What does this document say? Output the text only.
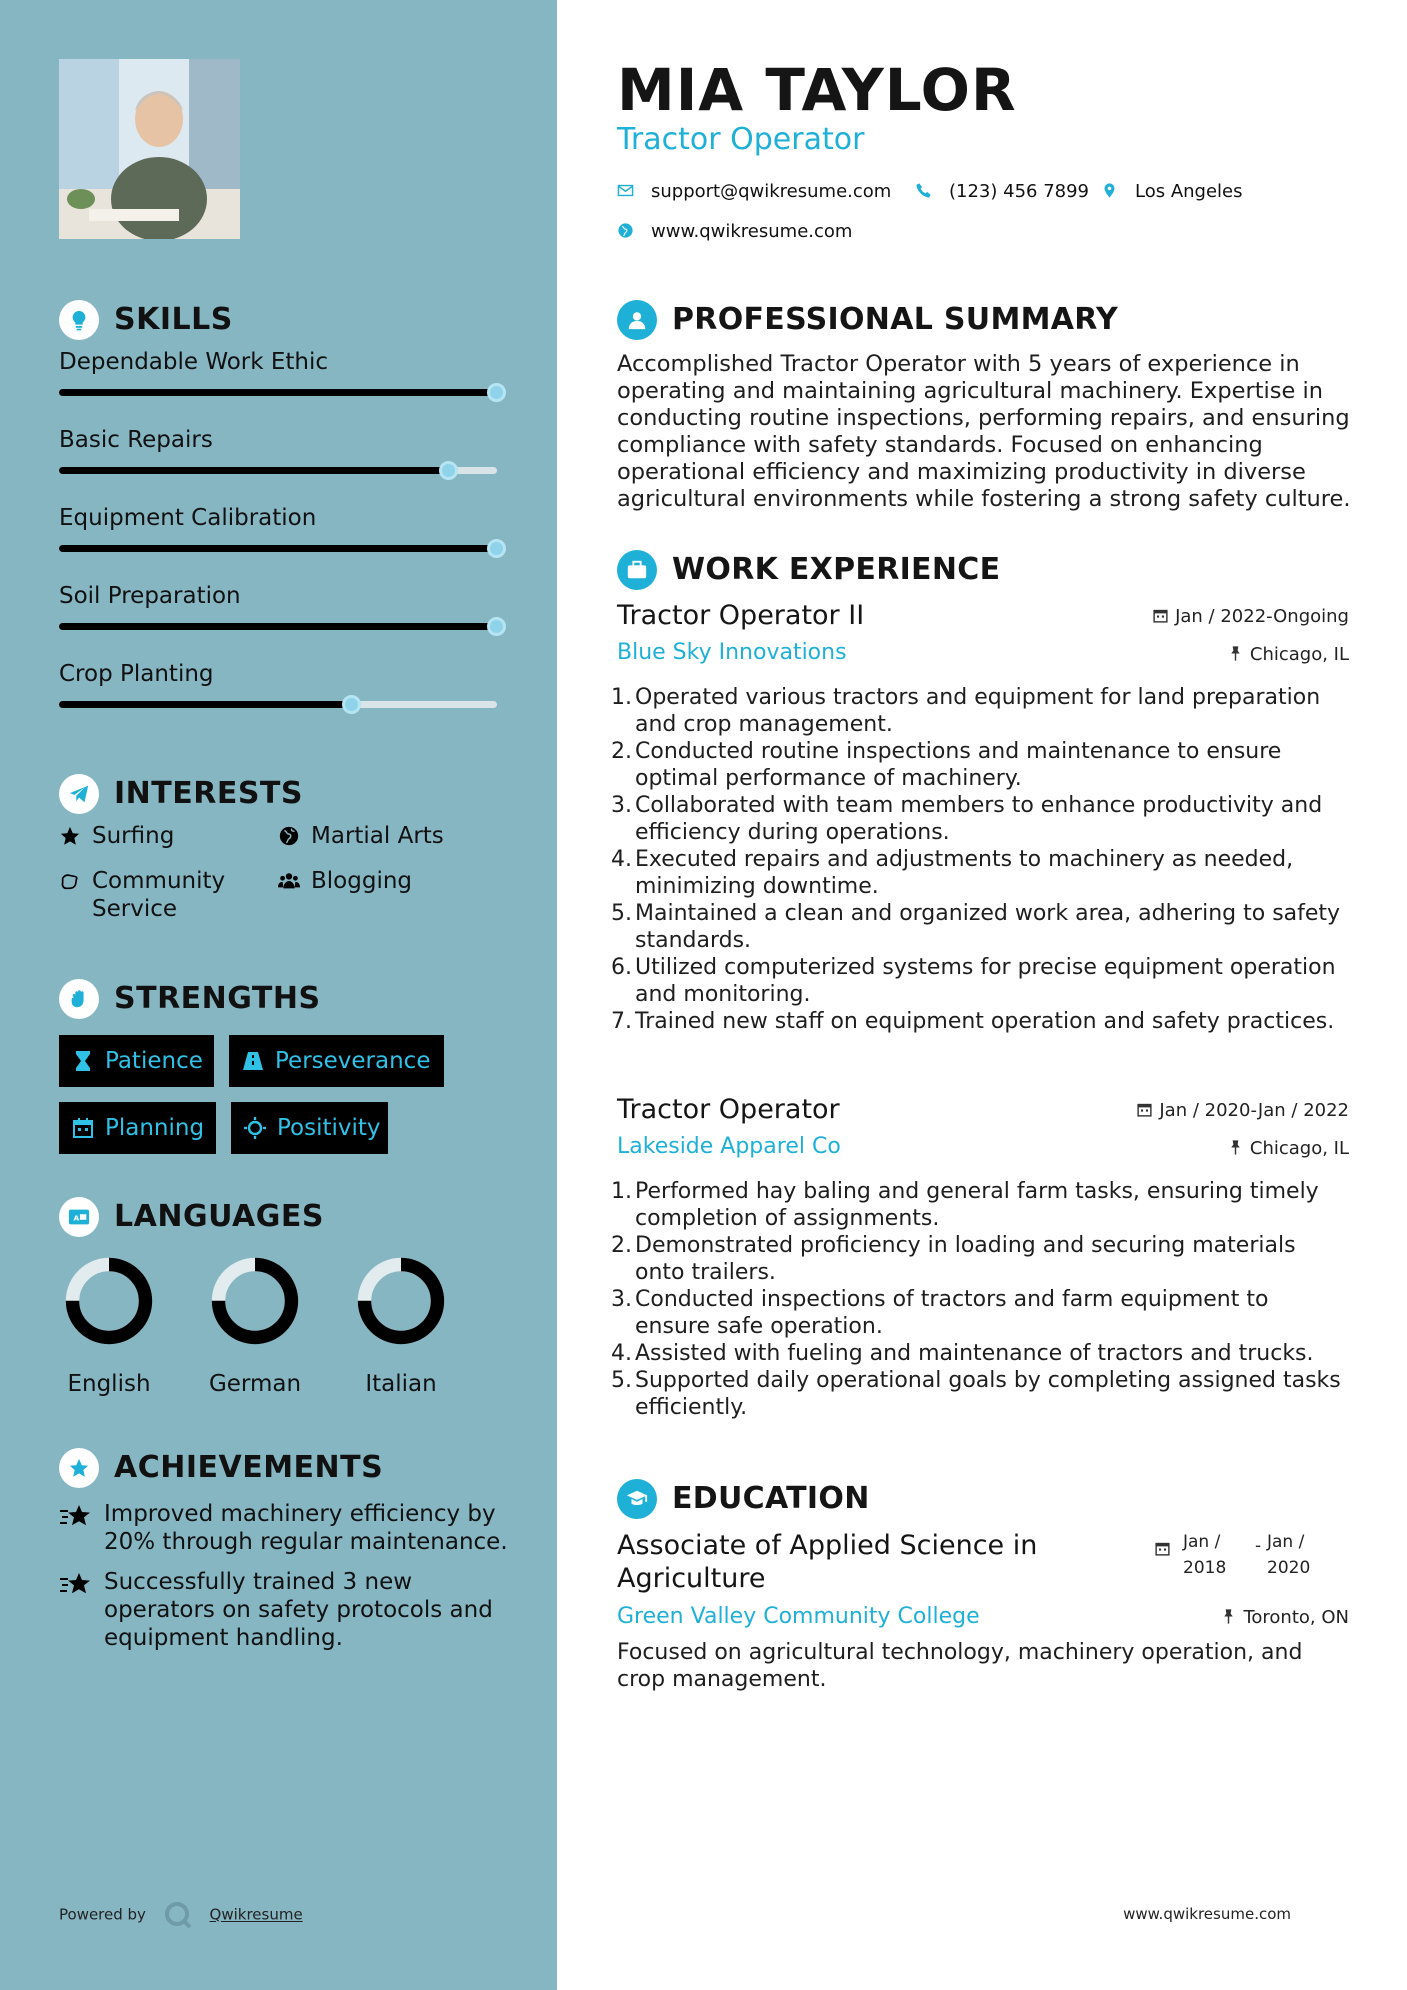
SKILLS
Dependable Work Ethic
Basic Repairs
Equipment Calibration
Soil Preparation
Crop Planting
INTERESTS
Surfing	Martial Arts
Community Service
Blogging
STRENGTHS
Patience	Perseverance
Planning	Positivity
A LANGUAGES
English	German	Italian
ACHIEVEMENTS
Improved machinery efficiency by 20% through regular maintenance.
Successfully trained 3 new operators on safety protocols and equipment handling.
Powered by	Qwikresume
MIA TAYLOR
Tractor Operator
support@qwikresume.com	(123) 456 7899	Los Angeles
www.qwikresume.com
PROFESSIONAL SUMMARY
Accomplished Tractor Operator with 5 years of experience in operating and maintaining agricultural machinery. Expertise in conducting routine inspections, performing repairs, and ensuring compliance with safety standards. Focused on enhancing operational efficiency and maximizing productivity in diverse agricultural environments while fostering a strong safety culture.
WORK EXPERIENCE
Tractor Operator II
Blue Sky Innovations
Jan / 2022-Ongoing
Chicago, IL
1. Operated various tractors and equipment for land preparation and crop management.
2. Conducted routine inspections and maintenance to ensure optimal performance of machinery.
3. Collaborated with team members to enhance productivity and efficiency during operations.
4. Executed repairs and adjustments to machinery as needed, minimizing downtime.
5. Maintained a clean and organized work area, adhering to safety standards.
6. Utilized computerized systems for precise equipment operation and monitoring.
7. Trained new staff on equipment operation and safety practices.
Tractor Operator
Lakeside Apparel Co
Jan / 2020-Jan / 2022
Chicago, IL
1. Performed hay baling and general farm tasks, ensuring timely completion of assignments.
2. Demonstrated proficiency in loading and securing materials onto trailers.
3. Conducted inspections of tractors and farm equipment to ensure safe operation.
4. Assisted with fueling and maintenance of tractors and trucks.
5. Supported daily operational goals by completing assigned tasks efficiently.
EDUCATION
Associate of Applied Science in Agriculture
Jan / 2018
- Jan / 2020
Green Valley Community College	Toronto, ON
Focused on agricultural technology, machinery operation, and crop management.
www.qwikresume.com
